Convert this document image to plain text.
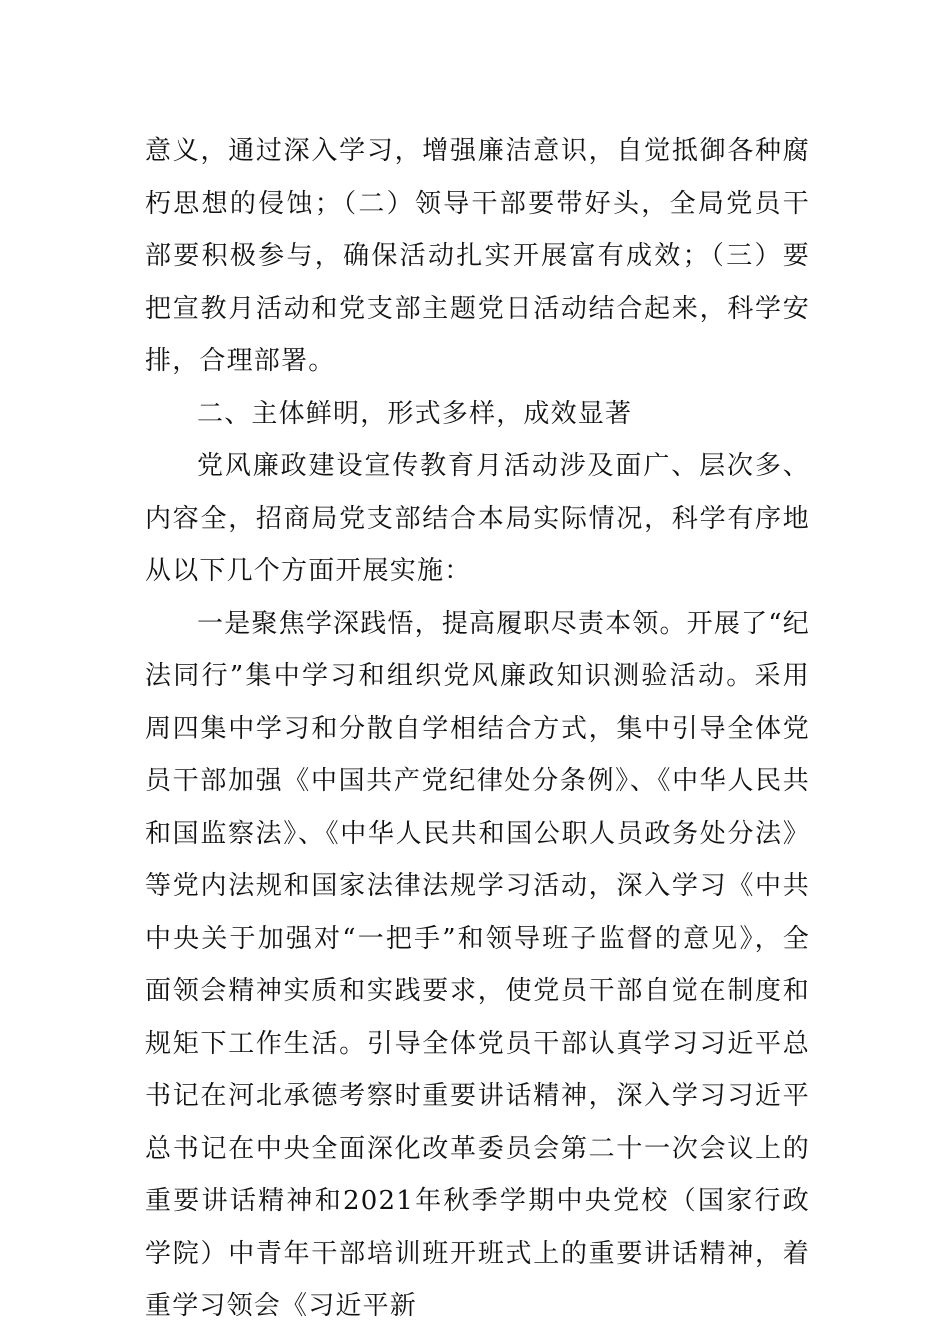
意义，通过深入学习，增强廉洁意识，自觉抵御各种腐朽思想的侵蚀；（二）领导干部要带好头，全局党员干部要积极参与，确保活动扎实开展富有成效；（三）要把宣教月活动和党支部主题党日活动结合起来，科学安排，合理部署。

二、主体鲜明，形式多样，成效显著

党风廉政建设宣传教育月活动涉及面广、层次多、内容全，招商局党支部结合本局实际情况，科学有序地从以下几个方面开展实施：

一是聚焦学深践悟，提高履职尽责本领。开展了“纪法同行”集中学习和组织党风廉政知识测验活动。采用周四集中学习和分散自学相结合方式，集中引导全体党员干部加强《中国共产党纪律处分条例》、《中华人民共和国监察法》、《中华人民共和国公职人员政务处分法》等党内法规和国家法律法规学习活动，深入学习《中共中央关于加强对“一把手”和领导班子监督的意见》，全面领会精神实质和实践要求，使党员干部自觉在制度和规矩下工作生活。引导全体党员干部认真学习习近平总书记在河北承德考察时重要讲话精神，深入学习习近平总书记在中央全面深化改革委员会第二十一次会议上的重要讲话精神和2021年秋季学期中央党校（国家行政学院）中青年干部培训班开班式上的重要讲话精神，着重学习领会《习近平新
